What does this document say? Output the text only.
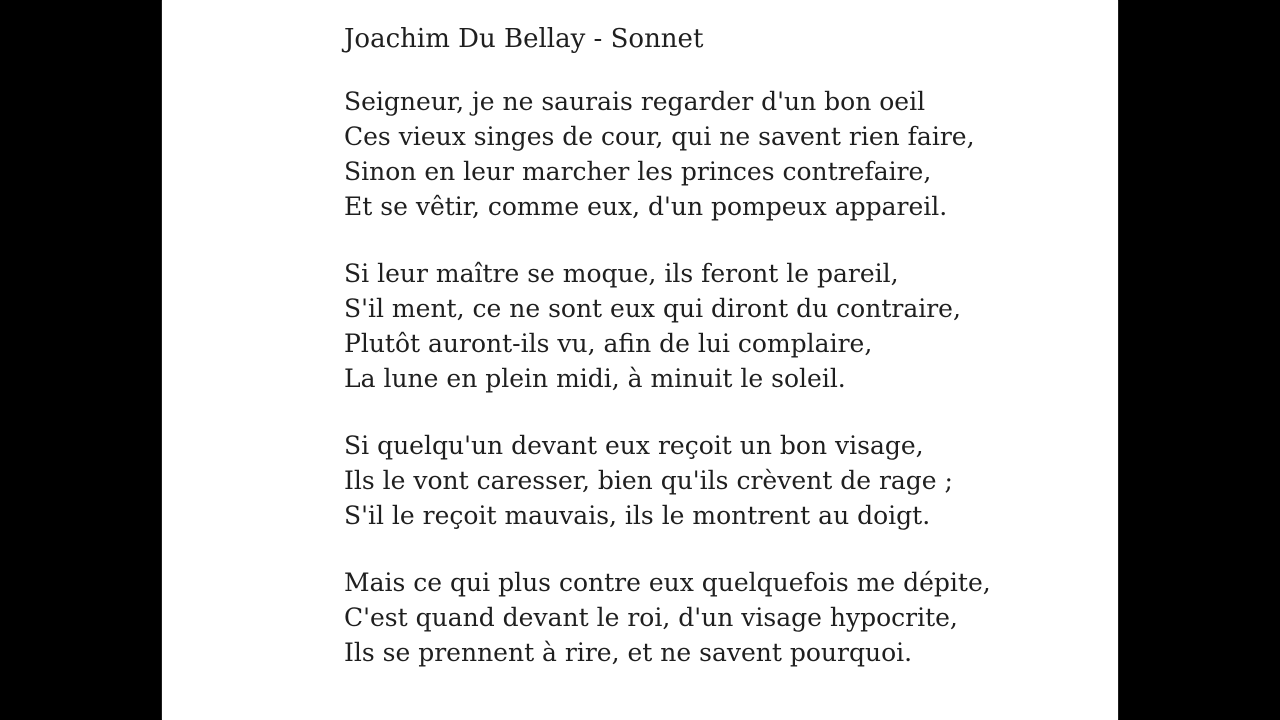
Joachim Du Bellay - Sonnet
Seigneur, je ne saurais regarder d'un bon oeil
Ces vieux singes de cour, qui ne savent rien faire,
Sinon en leur marcher les princes contrefaire,
Et se vêtir, comme eux, d'un pompeux appareil.
Si leur maître se moque, ils feront le pareil,
S'il ment, ce ne sont eux qui diront du contraire,
Plutôt auront-ils vu, afin de lui complaire,
La lune en plein midi, à minuit le soleil.
Si quelqu'un devant eux reçoit un bon visage,
Ils le vont caresser, bien qu'ils crèvent de rage ;
S'il le reçoit mauvais, ils le montrent au doigt.
Mais ce qui plus contre eux quelquefois me dépite,
C'est quand devant le roi, d'un visage hypocrite,
Ils se prennent à rire, et ne savent pourquoi.
